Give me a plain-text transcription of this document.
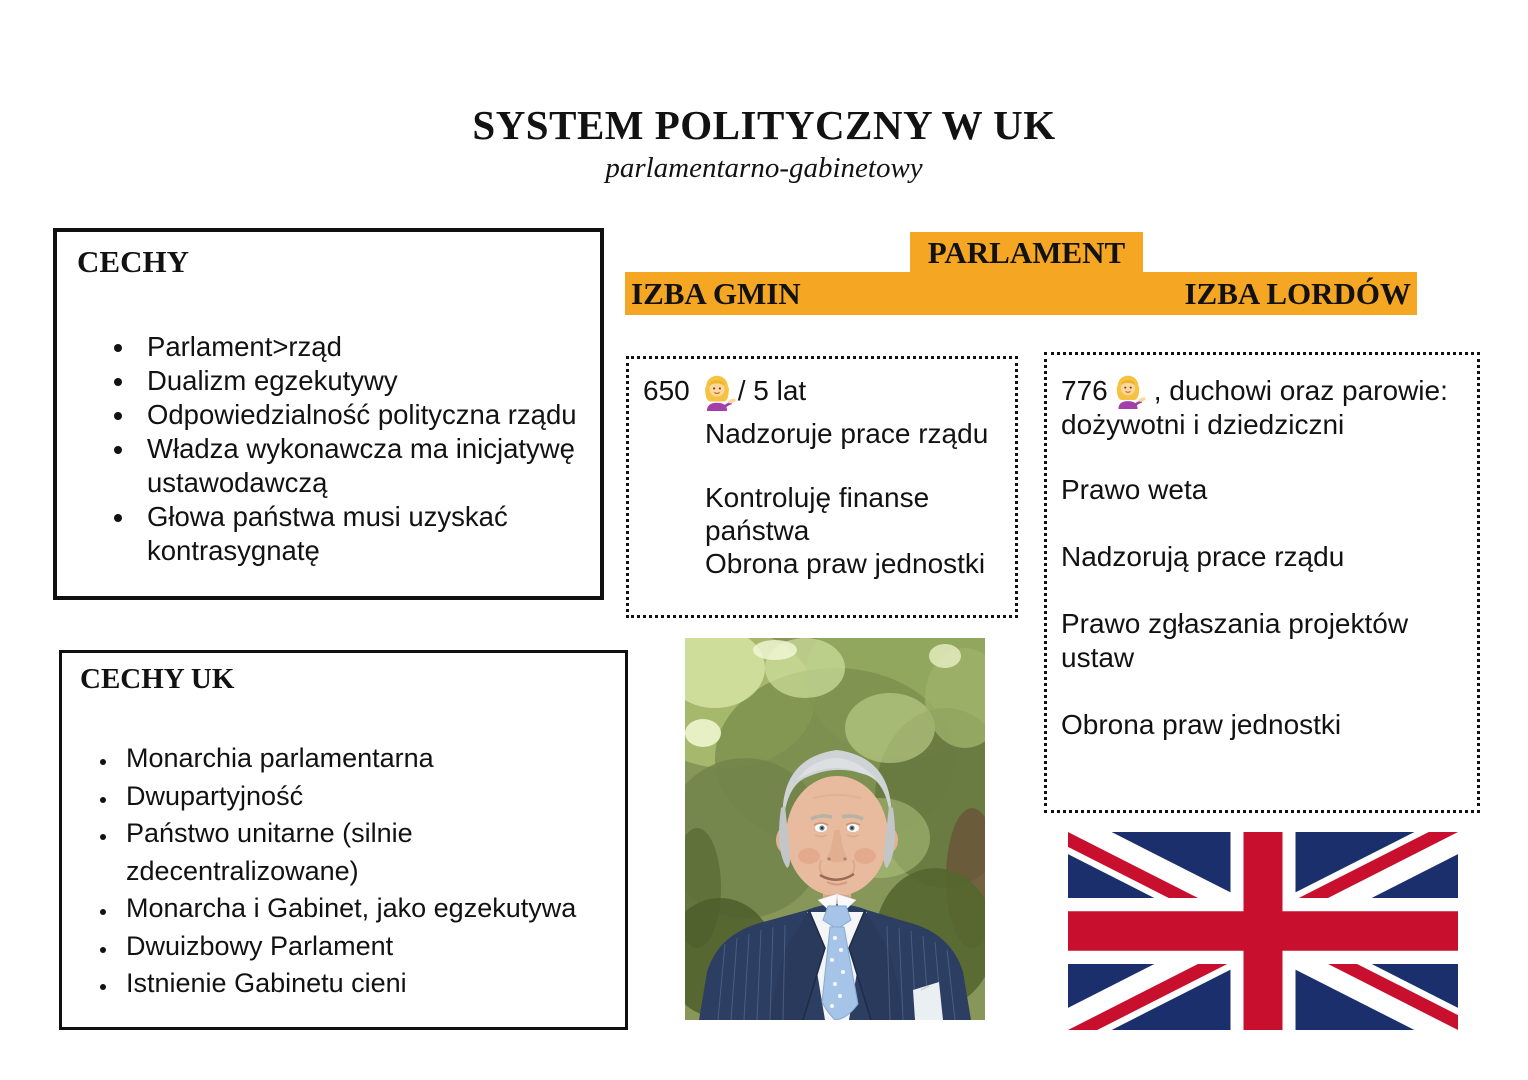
SYSTEM POLITYCZNY W UK
parlamentarno-gabinetowy
CECHY
• Parlament>rząd
• Dualizm egzekutywy
• Odpowiedzialność polityczna rządu
• Władza wykonawcza ma inicjatywę ustawodawczą
• Głowa państwa musi uzyskać kontrasygnatę
CECHY UK
• Monarchia parlamentarna
• Dwupartyjność
• Państwo unitarne (silnie zdecentralizowane)
• Monarcha i Gabinet, jako egzekutywa
• Dwuizbowy Parlament
• Istnienie Gabinetu cieni
PARLAMENT
IZBA GMIN	IZBA LORDÓW
650 / 5 lat

Nadzoruje prace rządu

Kontroluję finanse państwa

Obrona praw jednostki

776 , duchowi oraz parowie: dożywotni i dziedziczni

Prawo weta

Nadzorują prace rządu

Prawo zgłaszania projektów ustaw

Obrona praw jednostki
